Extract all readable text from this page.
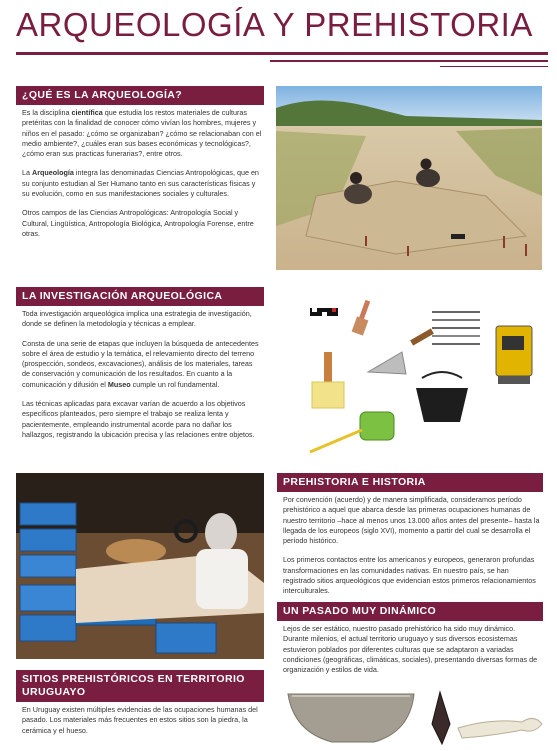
ARQUEOLOGÍA Y PREHISTORIA
¿QUÉ ES LA ARQUEOLOGÍA?

Es la disciplina científica que estudia los restos materiales de culturas pretéritas con la finalidad de conocer cómo vivían los hombres, mujeres y niños en el pasado: ¿cómo se organizaban? ¿cómo se relacionaban con el medio ambiente?, ¿cuáles eran sus bases económicas y tecnológicas?, ¿cómo eran sus practicas funerarias?, entre otros.

La Arqueología integra las denominadas Ciencias Antropológicas, que en su conjunto estudian al Ser Humano tanto en sus características físicas y su evolución, como en sus manifestaciones sociales y culturales.

Otros campos de las Ciencias Antropológicas: Antropología Social y Cultural, Lingüística, Antropología Biológica, Antropología Forense, entre otras.

LA INVESTIGACIÓN ARQUEOLÓGICA

Toda investigación arqueológica implica una estrategia de investigación, donde se definen la metodología y técnicas a emplear.

Consta de una serie de etapas que incluyen la búsqueda de antecedentes sobre el área de estudio y la temática, el relevamiento directo del terreno (prospección, sondeos, excavaciones), análisis de los materiales, tareas de conservación y comunicación de los resultados. En cuanto a la comunicación y difusión el Museo cumple un rol fundamental.

Las técnicas aplicadas para excavar varían de acuerdo a los objetivos específicos planteados, pero siempre el trabajo se realiza lenta y pacientemente, empleando instrumental acorde para no dañar los hallazgos, registrando la ubicación precisa y las relaciones entre objetos.

PREHISTORIA E HISTORIA

Por convención (acuerdo) y de manera simplificada, consideramos período prehistórico a aquel que abarca desde las primeras ocupaciones humanas de nuestro territorio –hace al menos unos 13.000 años antes del presente– hasta la llegada de los europeos (siglo XVI), momento a partir del cual se desarrolla el período histórico.

Los primeros contactos entre los americanos y europeos, generaron profundas transformaciones en las comunidades nativas. En nuestro país, se han registrado sitios arqueológicos que evidencian estos primeros relacionamientos interculturales.

UN PASADO MUY DINÁMICO

Lejos de ser estático, nuestro pasado prehistórico ha sido muy dinámico. Durante milenios, el actual territorio uruguayo y sus diversos ecosistemas estuvieron poblados por diferentes culturas que se adaptaron a variadas condiciones (geográficas, climáticas, sociales), presentando diversas formas de organización y estilos de vida.

SITIOS PREHISTÓRICOS EN TERRITORIO URUGUAYO

En Uruguay existen múltiples evidencias de las ocupaciones humanas del pasado. Los materiales más frecuentes en estos sitios son la piedra, la cerámica y el hueso.
